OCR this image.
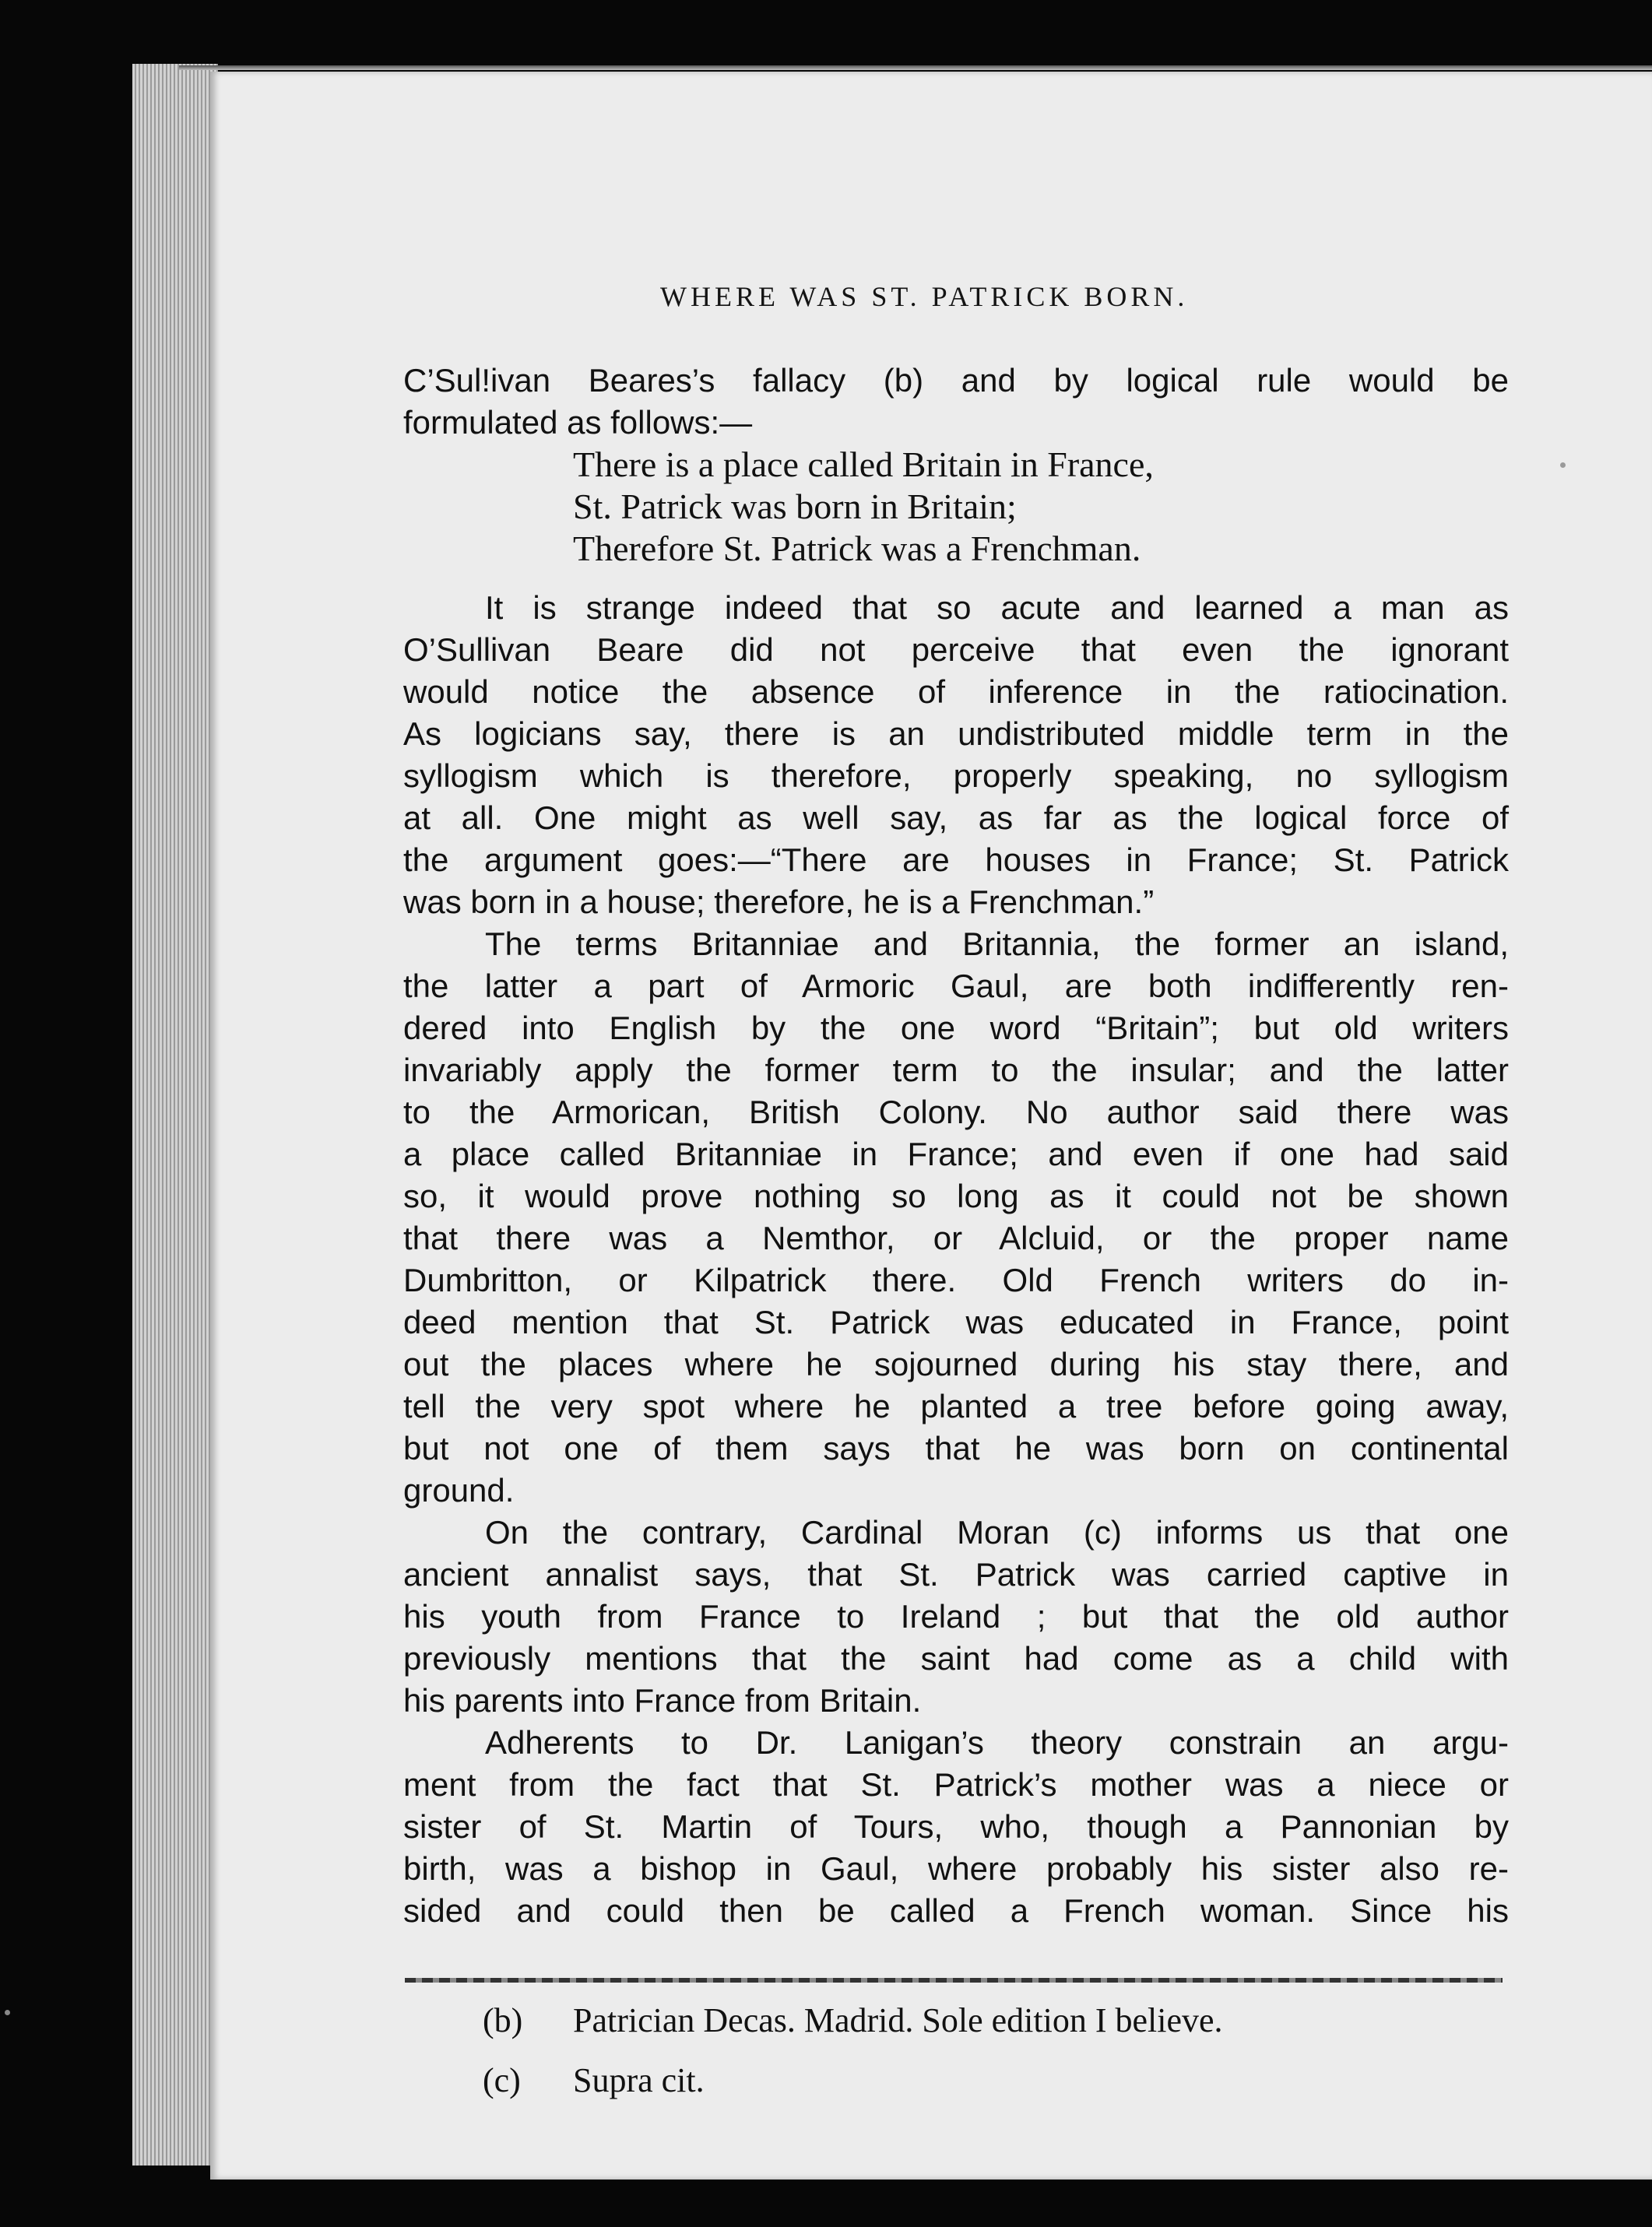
WHERE WAS ST. PATRICK BORN.
C’Sul!ivan Beares’s fallacy (b) and by logical rule would be
formulated as follows:—
There is a place called Britain in France,
St. Patrick was born in Britain;
Therefore St. Patrick was a Frenchman.
It is strange indeed that so acute and learned a man as
O’Sullivan Beare did not perceive that even the ignorant
would notice the absence of inference in the ratiocination.
As logicians say, there is an undistributed middle term in the
syllogism which is therefore, properly speaking, no syllogism
at all. One might as well say, as far as the logical force of
the argument goes:—“There are houses in France; St. Patrick
was born in a house; therefore, he is a Frenchman.”
The terms Britanniae and Britannia, the former an island,
the latter a part of Armoric Gaul, are both indifferently ren-
dered into English by the one word “Britain”; but old writers
invariably apply the former term to the insular; and the latter
to the Armorican, British Colony. No author said there was
a place called Britanniae in France; and even if one had said
so, it would prove nothing so long as it could not be shown
that there was a Nemthor, or Alcluid, or the proper name
Dumbritton, or Kilpatrick there. Old French writers do in-
deed mention that St. Patrick was educated in France, point
out the places where he sojourned during his stay there, and
tell the very spot where he planted a tree before going away,
but not one of them says that he was born on continental
ground.
On the contrary, Cardinal Moran (c) informs us that one
ancient annalist says, that St. Patrick was carried captive in
his youth from France to Ireland ; but that the old author
previously mentions that the saint had come as a child with
his parents into France from Britain.
Adherents to Dr. Lanigan’s theory constrain an argu-
ment from the fact that St. Patrick’s mother was a niece or
sister of St. Martin of Tours, who, though a Pannonian by
birth, was a bishop in Gaul, where probably his sister also re-
sided and could then be called a French woman. Since his
(b) Patrician Decas. Madrid. Sole edition I believe.
(c) Supra cit.
